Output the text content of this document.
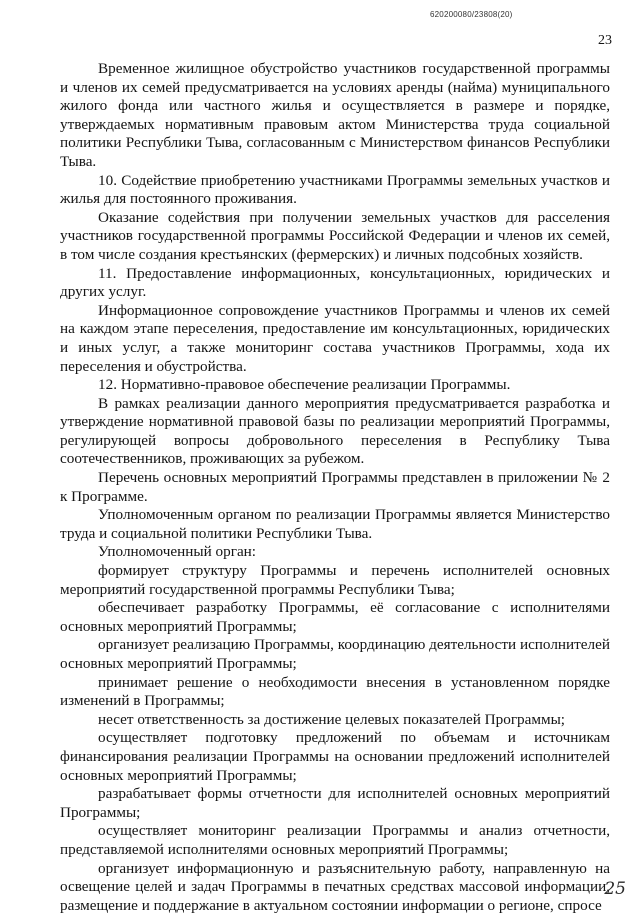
620200080/23808(20)
23

Временное жилищное обустройство участников государственной программы и членов их семей предусматривается на условиях аренды (найма) муниципального жилого фонда или частного жилья и осуществляется в размере и порядке, утверждаемых нормативным правовым актом Министерства труда социальной политики Республики Тыва, согласованным с Министерством финансов Республики Тыва.

10. Содействие приобретению участниками Программы земельных участков и жилья для постоянного проживания.

Оказание содействия при получении земельных участков для расселения участников государственной программы Российской Федерации и членов их семей, в том числе создания крестьянских (фермерских) и личных подсобных хозяйств.

11. Предоставление информационных, консультационных, юридических и других услуг.

Информационное сопровождение участников Программы и членов их семей на каждом этапе переселения, предоставление им консультационных, юридических и иных услуг, а также мониторинг состава участников Программы, хода их переселения и обустройства.

12. Нормативно-правовое обеспечение реализации Программы.

В рамках реализации данного мероприятия предусматривается разработка и утверждение нормативной правовой базы по реализации мероприятий Программы, регулирующей вопросы добровольного переселения в Республику Тыва соотечественников, проживающих за рубежом.

Перечень основных мероприятий Программы представлен в приложении № 2 к Программе.

Уполномоченным органом по реализации Программы является Министерство труда и социальной политики Республики Тыва.

Уполномоченный орган:

формирует структуру Программы и перечень исполнителей основных мероприятий государственной программы Республики Тыва;

обеспечивает разработку Программы, её согласование с исполнителями основных мероприятий Программы;

организует реализацию Программы, координацию деятельности исполнителей основных мероприятий Программы;

принимает решение о необходимости внесения в установленном порядке изменений в Программы;

несет ответственность за достижение целевых показателей Программы;

осуществляет подготовку предложений по объемам и источникам финансирования реализации Программы на основании предложений исполнителей основных мероприятий Программы;

разрабатывает формы отчетности для исполнителей основных мероприятий Программы;

осуществляет мониторинг реализации Программы и анализ отчетности, представляемой исполнителями основных мероприятий Программы;

организует информационную и разъяснительную работу, направленную на освещение целей и задач Программы в печатных средствах массовой информации, размещение и поддержание в актуальном состоянии информации о регионе, спросе

25
